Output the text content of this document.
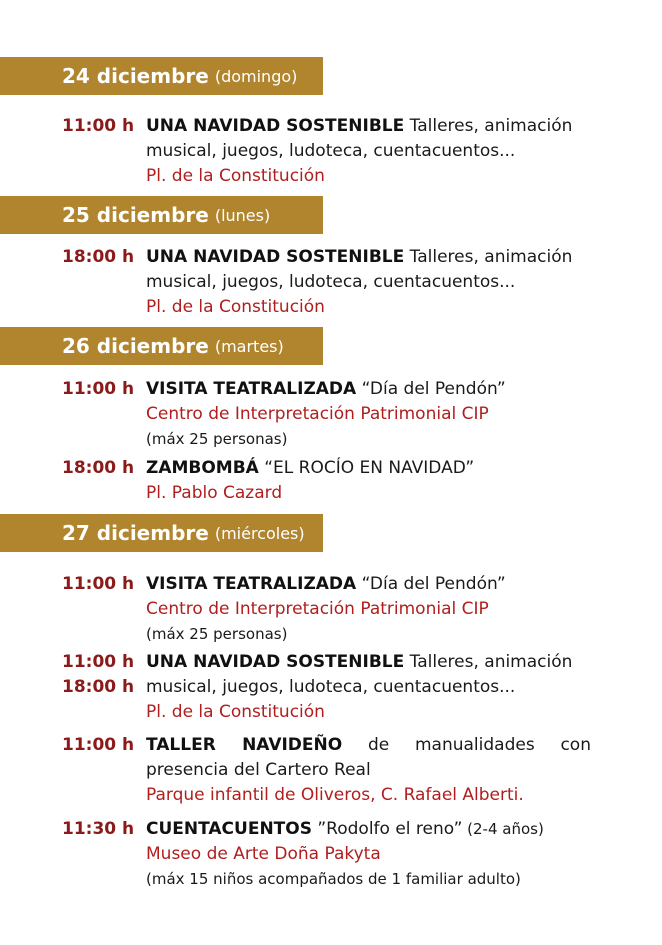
24 diciembre (domingo)
11:00 h UNA NAVIDAD SOSTENIBLE Talleres, animación musical, juegos, ludoteca, cuentacuentos...
Pl. de la Constitución
25 diciembre (lunes)
18:00 h UNA NAVIDAD SOSTENIBLE Talleres, animación musical, juegos, ludoteca, cuentacuentos...
Pl. de la Constitución
26 diciembre (martes)
11:00 h VISITA TEATRALIZADA “Día del Pendón”
Centro de Interpretación Patrimonial CIP
(máx 25 personas)
18:00 h ZAMBOMBÁ “EL ROCÍO EN NAVIDAD”
Pl. Pablo Cazard
27 diciembre (miércoles)
11:00 h VISITA TEATRALIZADA “Día del Pendón”
Centro de Interpretación Patrimonial CIP
(máx 25 personas)
11:00 h
18:00 h
UNA NAVIDAD SOSTENIBLE Talleres, animación musical, juegos, ludoteca, cuentacuentos...
Pl. de la Constitución
11:00 h TALLER NAVIDEÑO de manualidades con presencia del Cartero Real
Parque infantil de Oliveros, C. Rafael Alberti.
11:30 h CUENTACUENTOS ”Rodolfo el reno” (2-4 años)
Museo de Arte Doña Pakyta
(máx 15 niños acompañados de 1 familiar adulto)
